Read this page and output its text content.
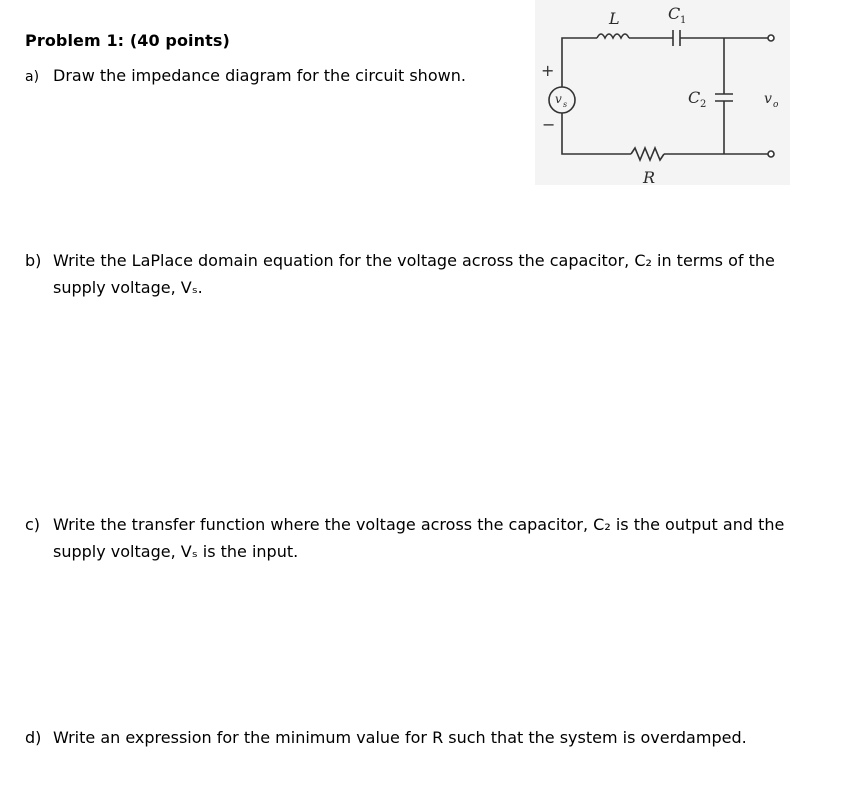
Problem 1: (40 points)
a) Draw the impedance diagram for the circuit shown.	+
−
v s
L	C 1
C 2	v o
R
b) Write the LaPlace domain equation for the voltage across the capacitor, C₂ in terms of the
supply voltage, Vₛ.
c) Write the transfer function where the voltage across the capacitor, C₂ is the output and the
supply voltage, Vₛ is the input.
d) Write an expression for the minimum value for R such that the system is overdamped.
